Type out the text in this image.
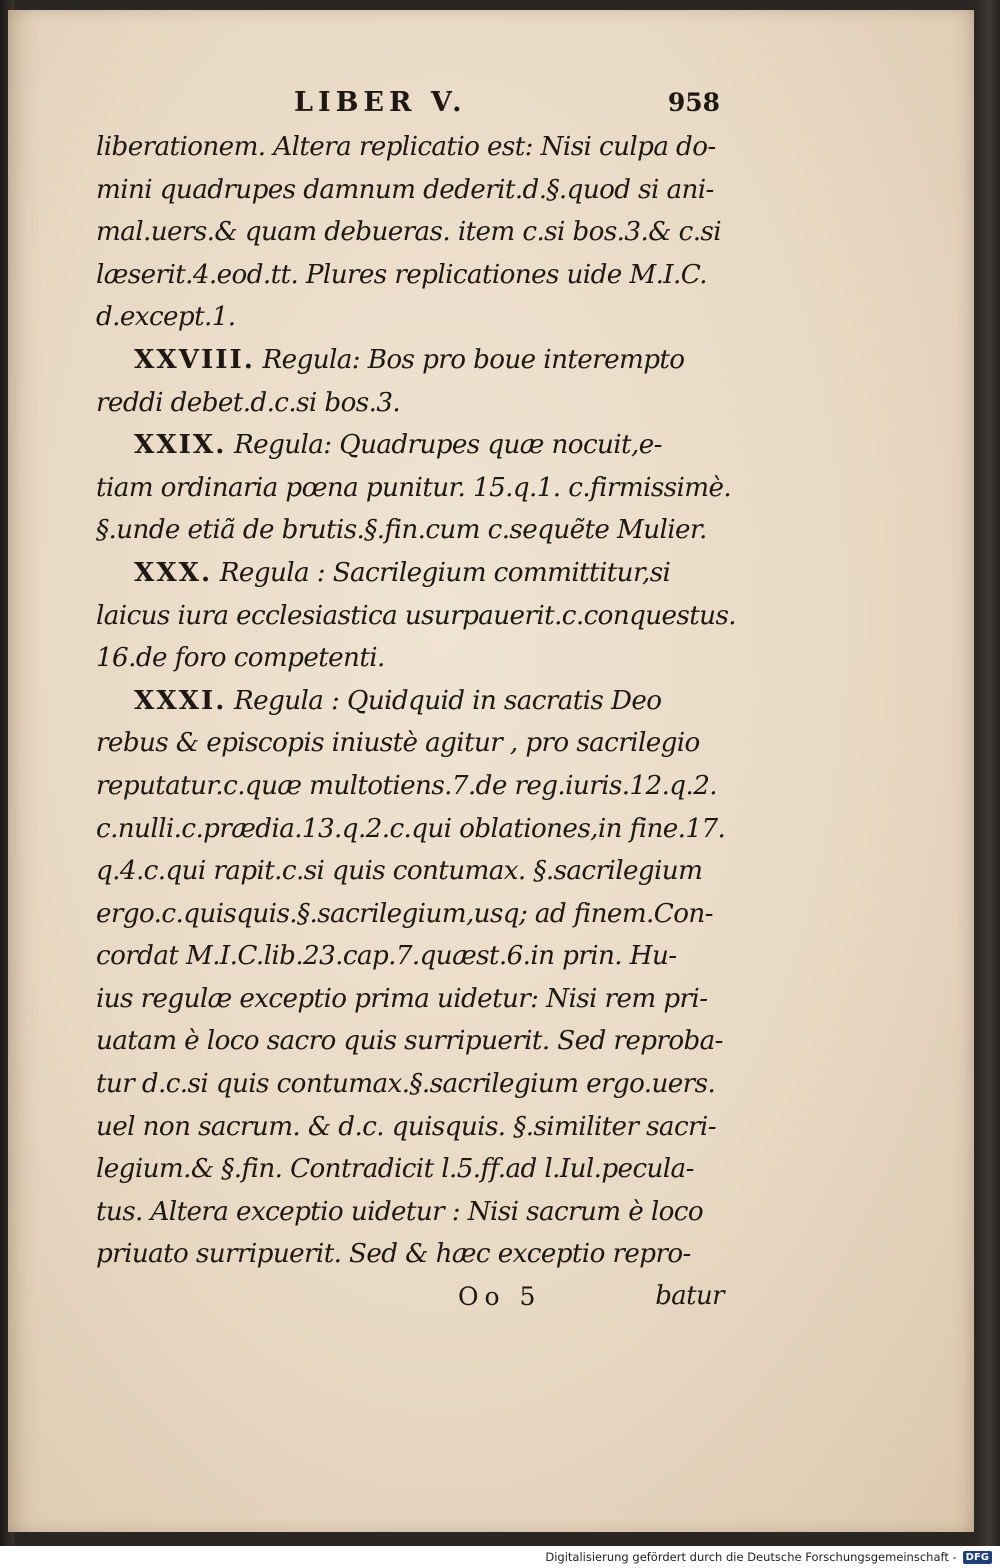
LIBER V.	958
liberationem. Altera replicatio est: Nisi culpa do-
mini quadrupes damnum dederit.d.§.quod si ani-
mal.uers.& quam debueras. item c.si bos.3.& c.si
læserit.4.eod.tt. Plures replicationes uide M.I.C.
d.except.1.
XXVIII. Regula: Bos pro boue interempto
reddi debet.d.c.si bos.3.
XXIX. Regula: Quadrupes quæ nocuit,e-
tiam ordinaria pœna punitur. 15.q.1. c.firmissimè.
§.unde etiã de brutis.§.fin.cum c.sequẽte Mulier.
XXX. Regula : Sacrilegium committitur,si
laicus iura ecclesiastica usurpauerit.c.conquestus.
16.de foro competenti.
XXXI. Regula : Quidquid in sacratis Deo
rebus & episcopis iniustè agitur , pro sacrilegio
reputatur.c.quæ multotiens.7.de reg.iuris.12.q.2.
c.nulli.c.prædia.13.q.2.c.qui oblationes,in fine.17.
q.4.c.qui rapit.c.si quis contumax. §.sacrilegium
ergo.c.quisquis.§.sacrilegium,usq; ad finem.Con-
cordat M.I.C.lib.23.cap.7.quæst.6.in prin. Hu-
ius regulæ exceptio prima uidetur: Nisi rem pri-
uatam è loco sacro quis surripuerit. Sed reproba-
tur d.c.si quis contumax.§.sacrilegium ergo.uers.
uel non sacrum. & d.c. quisquis. §.similiter sacri-
legium.& §.fin. Contradicit l.5.ff.ad l.Iul.pecula-
tus. Altera exceptio uidetur : Nisi sacrum è loco
priuato surripuerit. Sed & hæc exceptio repro-
Oo 5	batur
Digitalisierung gefördert durch die Deutsche Forschungsgemeinschaft - DFG
